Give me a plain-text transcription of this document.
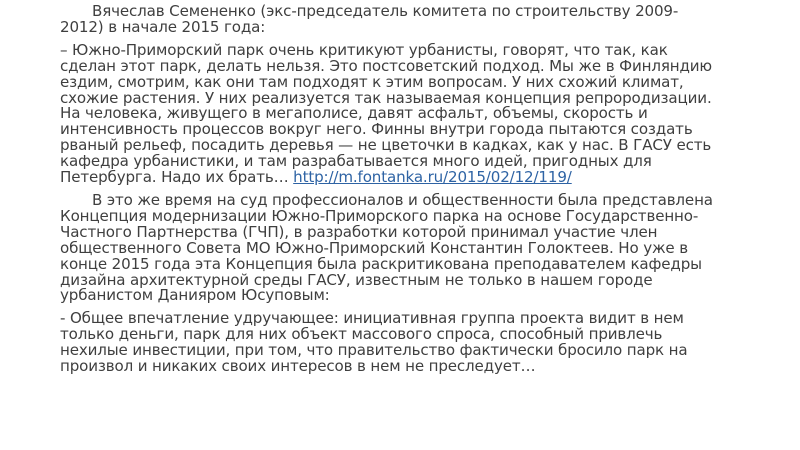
Вячеслав Семененко (экс-председатель комитета по строительству 2009-2012) в начале 2015 года:

– Южно-Приморский парк очень критикуют урбанисты, говорят, что так, как сделан этот парк, делать нельзя. Это постсоветский подход. Мы же в Финляндию ездим, смотрим, как они там подходят к этим вопросам. У них схожий климат, схожие растения. У них реализуется так называемая концепция репрородизации. На человека, живущего в мегаполисе, давят асфальт, объемы, скорость и интенсивность процессов вокруг него. Финны внутри города пытаются создать рваный рельеф, посадить деревья — не цветочки в кадках, как у нас. В ГАСУ есть кафедра урбанистики, и там разрабатывается много идей, пригодных для Петербурга. Надо их брать… http://m.fontanka.ru/2015/02/12/119/

В это же время на суд профессионалов и общественности была представлена Концепция модернизации Южно-Приморского парка на основе Государственно-Частного Партнерства (ГЧП), в разработки которой принимал участие член общественного Совета МО Южно-Приморский Константин Голоктеев. Но уже в конце 2015 года эта Концепция была раскритикована преподавателем кафедры дизайна архитектурной среды ГАСУ, известным не только в нашем городе урбанистом Данияром Юсуповым:

- Общее впечатление удручающее: инициативная группа проекта видит в нем только деньги, парк для них объект массового спроса, способный привлечь нехилые инвестиции, при том, что правительство фактически бросило парк на произвол и никаких своих интересов в нем не преследует…
